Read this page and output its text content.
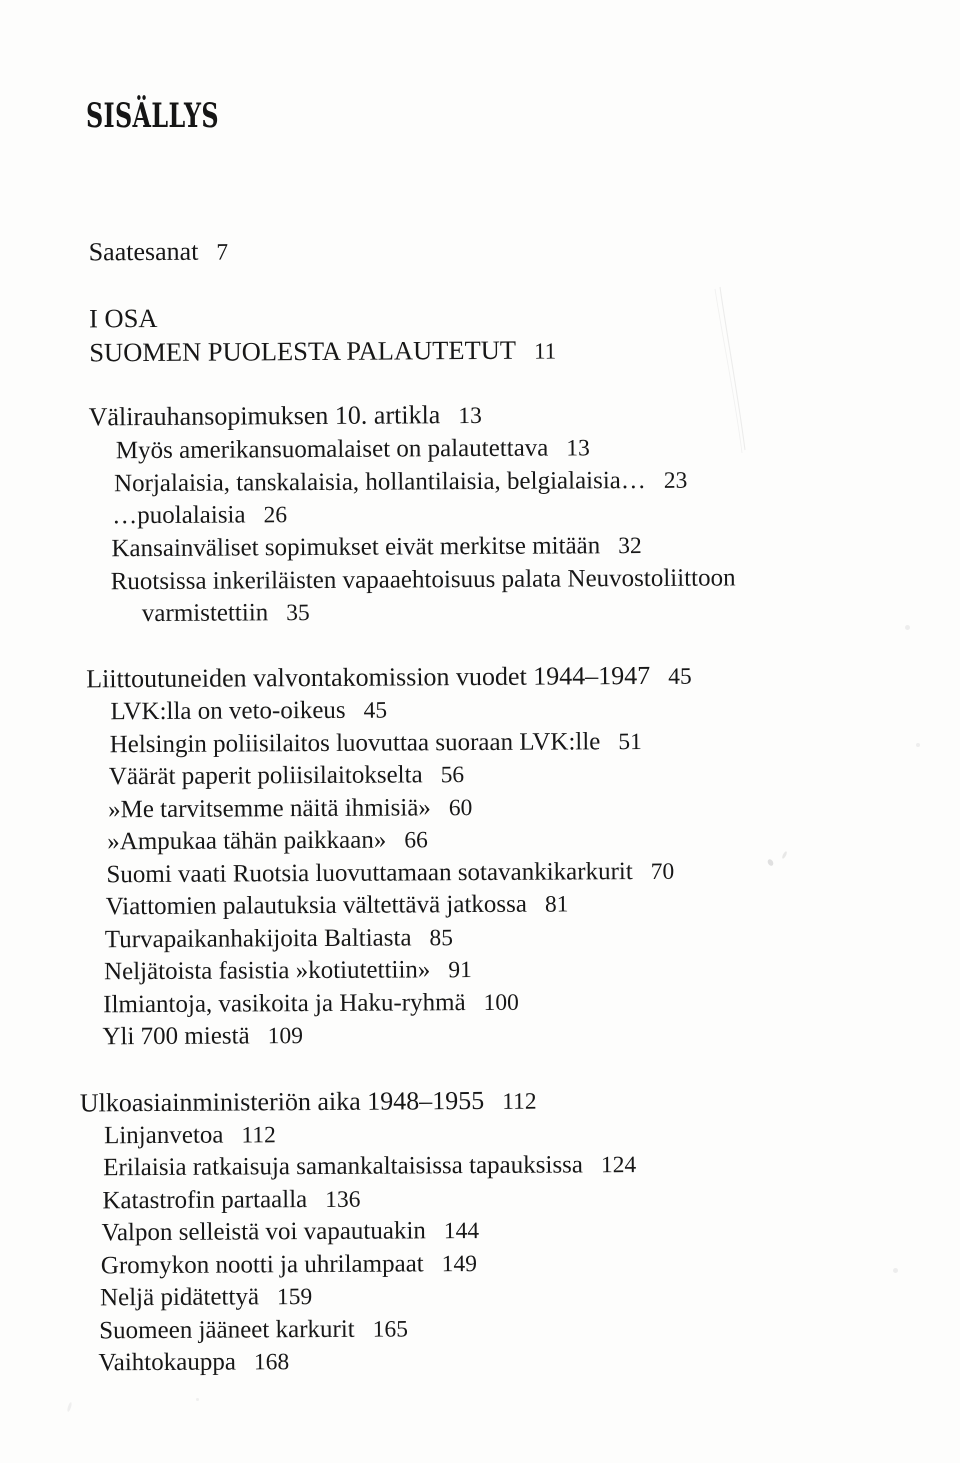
SISÄLLYS
Saatesanat 7
I OSA
SUOMEN PUOLESTA PALAUTETUT 11
Välirauhansopimuksen 10. artikla 13
Myös amerikansuomalaiset on palautettava 13
Norjalaisia, tanskalaisia, hollantilaisia, belgialaisia… 23
…puolalaisia 26
Kansainväliset sopimukset eivät merkitse mitään 32
Ruotsissa inkeriläisten vapaaehtoisuus palata Neuvostoliittoon
varmistettiin 35
Liittoutuneiden valvontakomission vuodet 1944–1947 45
LVK:lla on veto-oikeus 45
Helsingin poliisilaitos luovuttaa suoraan LVK:lle 51
Väärät paperit poliisilaitokselta 56
»Me tarvitsemme näitä ihmisiä» 60
»Ampukaa tähän paikkaan» 66
Suomi vaati Ruotsia luovuttamaan sotavankikarkurit 70
Viattomien palautuksia vältettävä jatkossa 81
Turvapaikanhakijoita Baltiasta 85
Neljätoista fasistia »kotiutettiin» 91
Ilmiantoja, vasikoita ja Haku-ryhmä 100
Yli 700 miestä 109
Ulkoasiainministeriön aika 1948–1955 112
Linjanvetoa 112
Erilaisia ratkaisuja samankaltaisissa tapauksissa 124
Katastrofin partaalla 136
Valpon selleistä voi vapautuakin 144
Gromykon nootti ja uhrilampaat 149
Neljä pidätettyä 159
Suomeen jääneet karkurit 165
Vaihtokauppa 168
